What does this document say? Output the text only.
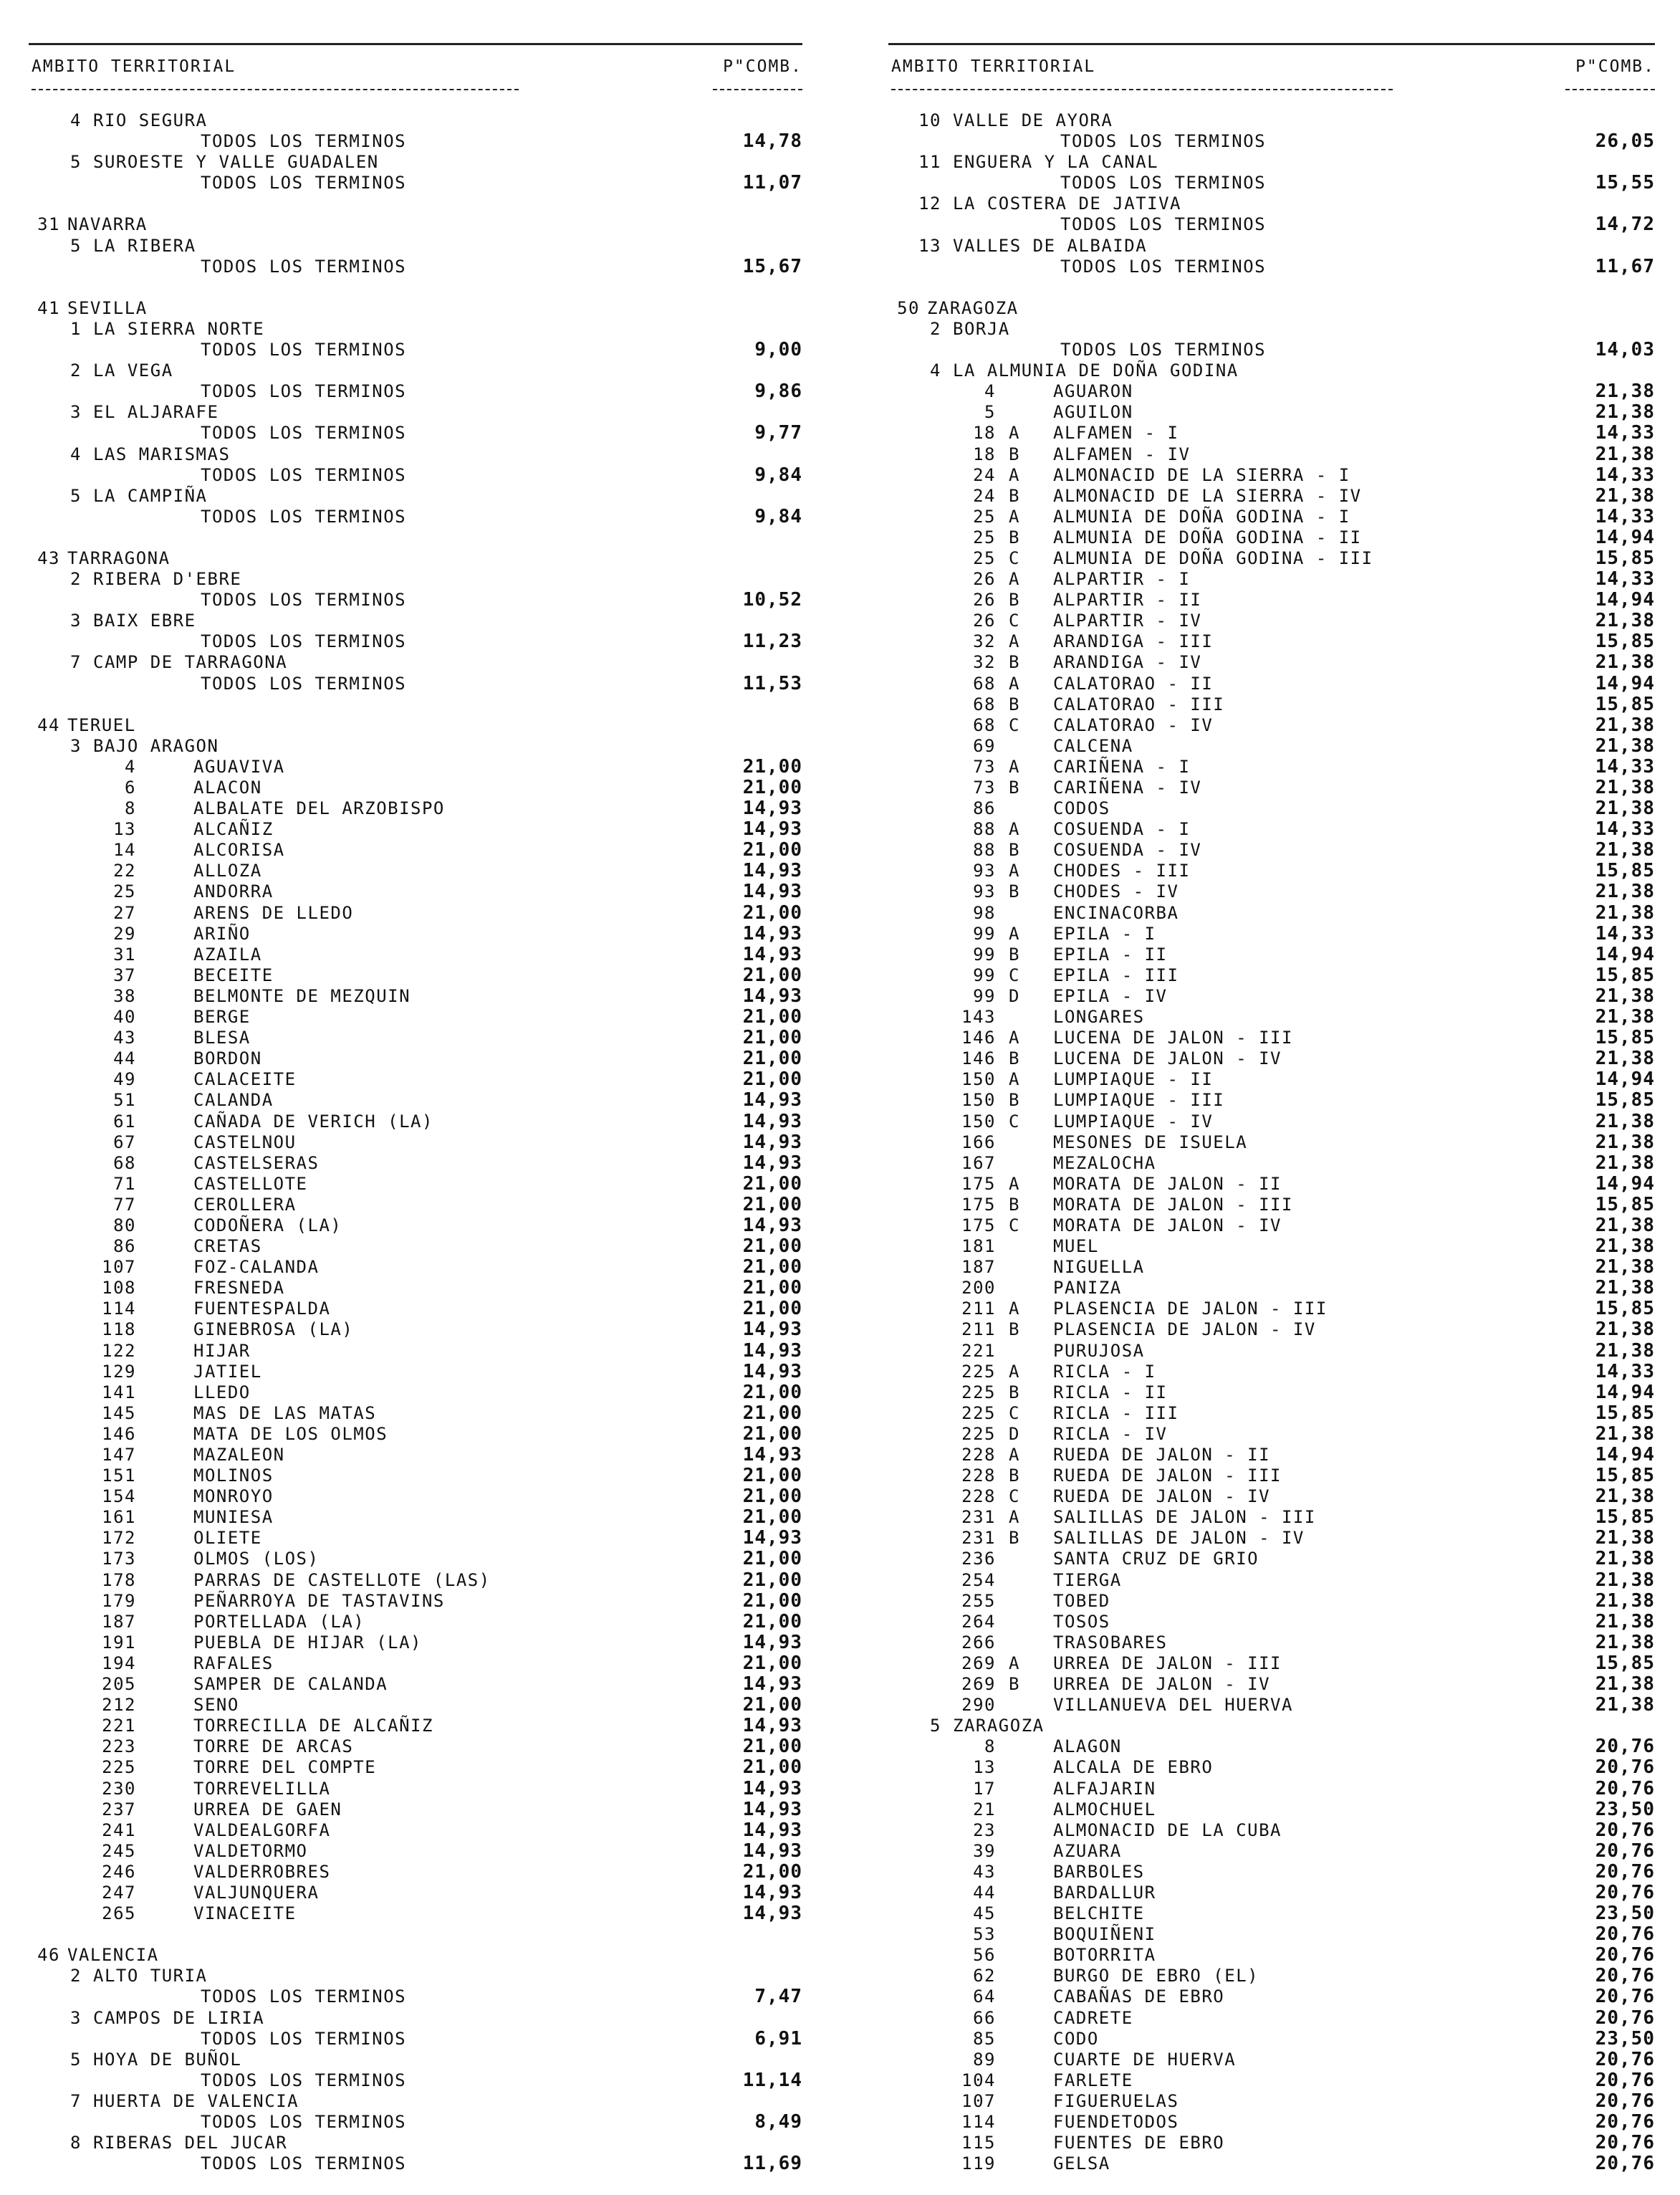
AMBITO TERRITORIAL	P"COMB.
4 RIO SEGURA
TODOS LOS TERMINOS	14,78
5 SUROESTE Y VALLE GUADALEN
TODOS LOS TERMINOS	11,07
31 NAVARRA
5 LA RIBERA
TODOS LOS TERMINOS	15,67
41 SEVILLA
1 LA SIERRA NORTE
TODOS LOS TERMINOS	9,00
2 LA VEGA
TODOS LOS TERMINOS	9,86
3 EL ALJARAFE
TODOS LOS TERMINOS	9,77
4 LAS MARISMAS
TODOS LOS TERMINOS	9,84
5 LA CAMPIÑA
TODOS LOS TERMINOS	9,84
43 TARRAGONA
2 RIBERA D'EBRE
TODOS LOS TERMINOS	10,52
3 BAIX EBRE
TODOS LOS TERMINOS	11,23
7 CAMP DE TARRAGONA
TODOS LOS TERMINOS	11,53
44 TERUEL
3 BAJO ARAGON
4	AGUAVIVA	21,00
6	ALACON	21,00
8	ALBALATE DEL ARZOBISPO	14,93
13	ALCAÑIZ	14,93
14	ALCORISA	21,00
22	ALLOZA	14,93
25	ANDORRA	14,93
27	ARENS DE LLEDO	21,00
29	ARIÑO	14,93
31	AZAILA	14,93
37	BECEITE	21,00
38	BELMONTE DE MEZQUIN	14,93
40	BERGE	21,00
43	BLESA	21,00
44	BORDON	21,00
49	CALACEITE	21,00
51	CALANDA	14,93
61	CAÑADA DE VERICH (LA)	14,93
67	CASTELNOU	14,93
68	CASTELSERAS	14,93
71	CASTELLOTE	21,00
77	CEROLLERA	21,00
80	CODOÑERA (LA)	14,93
86	CRETAS	21,00
107	FOZ-CALANDA	21,00
108	FRESNEDA	21,00
114	FUENTESPALDA	21,00
118	GINEBROSA (LA)	14,93
122	HIJAR	14,93
129	JATIEL	14,93
141	LLEDO	21,00
145	MAS DE LAS MATAS	21,00
146	MATA DE LOS OLMOS	21,00
147	MAZALEON	14,93
151	MOLINOS	21,00
154	MONROYO	21,00
161	MUNIESA	21,00
172	OLIETE	14,93
173	OLMOS (LOS)	21,00
178	PARRAS DE CASTELLOTE (LAS)	21,00
179	PEÑARROYA DE TASTAVINS	21,00
187	PORTELLADA (LA)	21,00
191	PUEBLA DE HIJAR (LA)	14,93
194	RAFALES	21,00
205	SAMPER DE CALANDA	14,93
212	SENO	21,00
221	TORRECILLA DE ALCAÑIZ	14,93
223	TORRE DE ARCAS	21,00
225	TORRE DEL COMPTE	21,00
230	TORREVELILLA	14,93
237	URREA DE GAEN	14,93
241	VALDEALGORFA	14,93
245	VALDETORMO	14,93
246	VALDERROBRES	21,00
247	VALJUNQUERA	14,93
265	VINACEITE	14,93
46 VALENCIA
2 ALTO TURIA
TODOS LOS TERMINOS	7,47
3 CAMPOS DE LIRIA
TODOS LOS TERMINOS	6,91
5 HOYA DE BUÑOL
TODOS LOS TERMINOS	11,14
7 HUERTA DE VALENCIA
TODOS LOS TERMINOS	8,49
8 RIBERAS DEL JUCAR
TODOS LOS TERMINOS	11,69
AMBITO TERRITORIAL	P"COMB.
10 VALLE DE AYORA
TODOS LOS TERMINOS	26,05
11 ENGUERA Y LA CANAL
TODOS LOS TERMINOS	15,55
12 LA COSTERA DE JATIVA
TODOS LOS TERMINOS	14,72
13 VALLES DE ALBAIDA
TODOS LOS TERMINOS	11,67
50 ZARAGOZA
2 BORJA
TODOS LOS TERMINOS	14,03
4 LA ALMUNIA DE DOÑA GODINA
4	AGUARON	21,38
5	AGUILON	21,38
18 A ALFAMEN - I	14,33
18 B ALFAMEN - IV	21,38
24 A ALMONACID DE LA SIERRA - I	14,33
24 B ALMONACID DE LA SIERRA - IV	21,38
25 A ALMUNIA DE DOÑA GODINA - I	14,33
25 B ALMUNIA DE DOÑA GODINA - II	14,94
25 C ALMUNIA DE DOÑA GODINA - III	15,85
26 A ALPARTIR - I	14,33
26 B ALPARTIR - II	14,94
26 C ALPARTIR - IV	21,38
32 A ARANDIGA - III	15,85
32 B ARANDIGA - IV	21,38
68 A CALATORAO - II	14,94
68 B CALATORAO - III	15,85
68 C CALATORAO - IV	21,38
69	CALCENA	21,38
73 A CARIÑENA - I	14,33
73 B CARIÑENA - IV	21,38
86	CODOS	21,38
88 A COSUENDA - I	14,33
88 B COSUENDA - IV	21,38
93 A CHODES - III	15,85
93 B CHODES - IV	21,38
98	ENCINACORBA	21,38
99 A EPILA - I	14,33
99 B EPILA - II	14,94
99 C EPILA - III	15,85
99 D EPILA - IV	21,38
143	LONGARES	21,38
146 A LUCENA DE JALON - III	15,85
146 B LUCENA DE JALON - IV	21,38
150 A LUMPIAQUE - II	14,94
150 B LUMPIAQUE - III	15,85
150 C LUMPIAQUE - IV	21,38
166	MESONES DE ISUELA	21,38
167	MEZALOCHA	21,38
175 A MORATA DE JALON - II	14,94
175 B MORATA DE JALON - III	15,85
175 C MORATA DE JALON - IV	21,38
181	MUEL	21,38
187	NIGUELLA	21,38
200	PANIZA	21,38
211 A PLASENCIA DE JALON - III	15,85
211 B PLASENCIA DE JALON - IV	21,38
221	PURUJOSA	21,38
225 A RICLA - I	14,33
225 B RICLA - II	14,94
225 C RICLA - III	15,85
225 D RICLA - IV	21,38
228 A RUEDA DE JALON - II	14,94
228 B RUEDA DE JALON - III	15,85
228 C RUEDA DE JALON - IV	21,38
231 A SALILLAS DE JALON - III	15,85
231 B SALILLAS DE JALON - IV	21,38
236	SANTA CRUZ DE GRIO	21,38
254	TIERGA	21,38
255	TOBED	21,38
264	TOSOS	21,38
266	TRASOBARES	21,38
269 A URREA DE JALON - III	15,85
269 B URREA DE JALON - IV	21,38
290	VILLANUEVA DEL HUERVA	21,38
5 ZARAGOZA
8	ALAGON	20,76
13	ALCALA DE EBRO	20,76
17	ALFAJARIN	20,76
21	ALMOCHUEL	23,50
23	ALMONACID DE LA CUBA	20,76
39	AZUARA	20,76
43	BARBOLES	20,76
44	BARDALLUR	20,76
45	BELCHITE	23,50
53	BOQUIÑENI	20,76
56	BOTORRITA	20,76
62	BURGO DE EBRO (EL)	20,76
64	CABAÑAS DE EBRO	20,76
66	CADRETE	20,76
85	CODO	23,50
89	CUARTE DE HUERVA	20,76
104	FARLETE	20,76
107	FIGUERUELAS	20,76
114	FUENDETODOS	20,76
115	FUENTES DE EBRO	20,76
119	GELSA	20,76
